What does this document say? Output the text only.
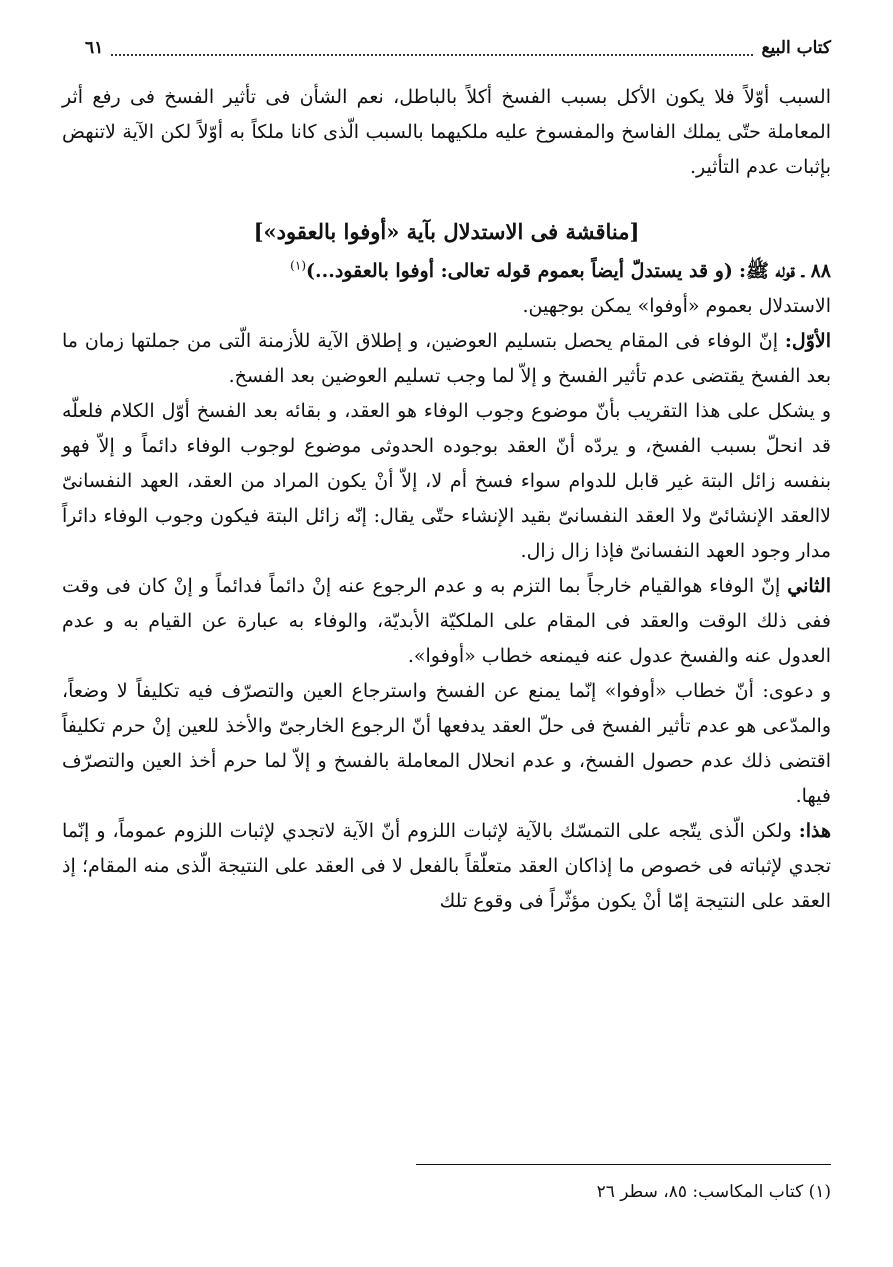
كتاب البيع
٦١

السبب أوّلاً فلا يكون الأكل بسبب الفسخ أكلاً بالباطل، نعم الشأن فى تأثير الفسخ فى رفع أثر المعاملة حتّى يملك الفاسخ والمفسوخ عليه ملكيهما بالسبب الّذى كانا ملكاً به أوّلاً لكن الآية لاتنهض بإثبات عدم التأثير.

[مناقشة فى الاستدلال بآية «أوفوا بالعقود»]

٨٨ ـ قوله ﷺ: (و قد يستدلّ أيضاً بعموم قوله تعالى: أوفوا بالعقود...)$^{(١)}$

الاستدلال بعموم «أوفوا» يمكن بوجهين.

الأوّل: إنّ الوفاء فى المقام يحصل بتسليم العوضين، و إطلاق الآية للأزمنة الّتى من جملتها زمان ما بعد الفسخ يقتضى عدم تأثير الفسخ و إلاّ لما وجب تسليم العوضين بعد الفسخ.

و يشكل على هذا التقريب بأنّ موضوع وجوب الوفاء هو العقد، و بقائه بعد الفسخ أوّل الكلام فلعلّه قد انحلّ بسبب الفسخ، و يردّه أنّ العقد بوجوده الحدوثى موضوع لوجوب الوفاء دائماً و إلاّ فهو بنفسه زائل البتة غير قابل للدوام سواء فسخ أم لا، إلاّ أنْ يكون المراد من العقد، العهد النفسانىّ لاالعقد الإنشائىّ ولا العقد النفسانىّ بقيد الإنشاء حتّى يقال: إنّه زائل البتة فيكون وجوب الوفاء دائراً مدار وجود العهد النفسانىّ فإذا زال زال.

الثاني إنّ الوفاء هوالقيام خارجاً بما التزم به و عدم الرجوع عنه إنْ دائماً فدائماً و إنْ كان فى وقت ففى ذلك الوقت والعقد فى المقام على الملكيّة الأبديّة، والوفاء به عبارة عن القيام به و عدم العدول عنه والفسخ عدول عنه فيمنعه خطاب «أوفوا».

و دعوى: أنّ خطاب «أوفوا» إنّما يمنع عن الفسخ واسترجاع العين والتصرّف فيه تكليفاً لا وضعاً، والمدّعى هو عدم تأثير الفسخ فى حلّ العقد يدفعها أنّ الرجوع الخارجىّ والأخذ للعين إنْ حرم تكليفاً اقتضى ذلك عدم حصول الفسخ، و عدم انحلال المعاملة بالفسخ و إلاّ لما حرم أخذ العين والتصرّف فيها.

هذا: ولكن الّذى يتّجه على التمسّك بالآية لإثبات اللزوم أنّ الآية لاتجدي لإثبات اللزوم عموماً، و إنّما تجدي لإثباته فى خصوص ما إذاكان العقد متعلّقاً بالفعل لا فى العقد على النتيجة الّذى منه المقام؛ إذ العقد على النتيجة إمّا أنْ يكون مؤثّراً فى وقوع تلك

(١) كتاب المكاسب: ٨٥، سطر ٢٦
